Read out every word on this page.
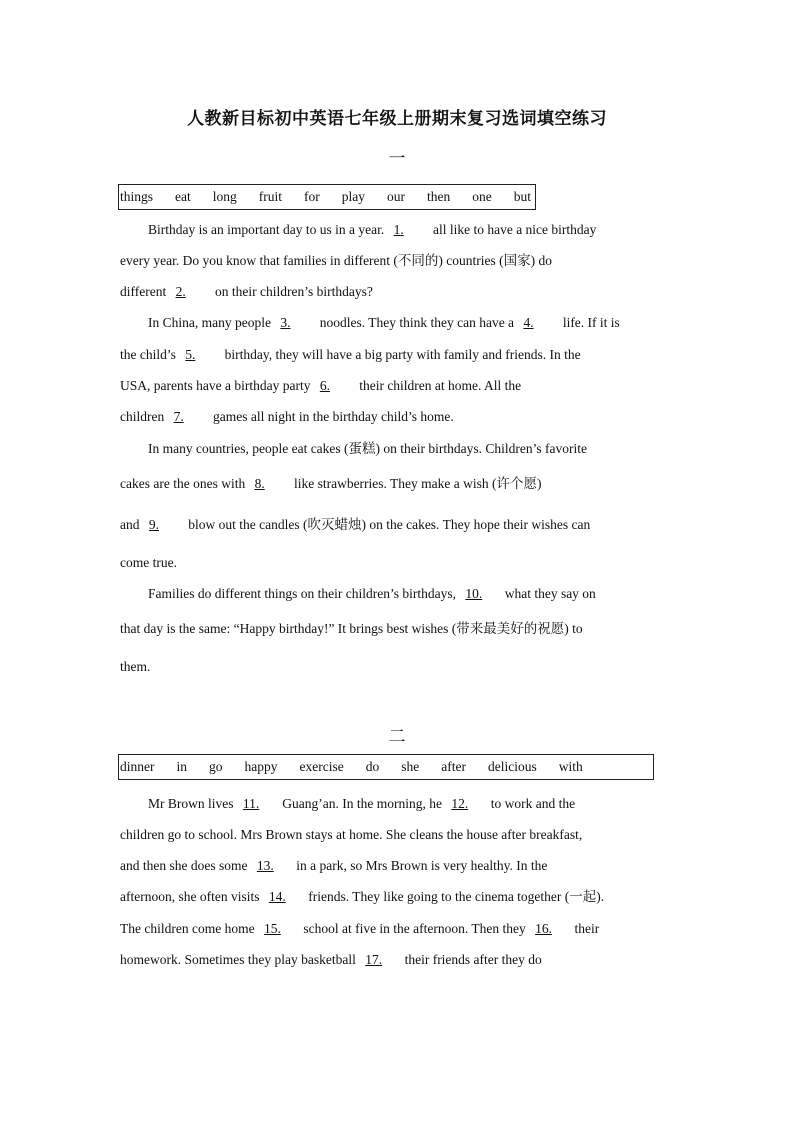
人教新目标初中英语七年级上册期末复习选词填空练习
一
things eat long fruit for play our then one but
Birthday is an important day to us in a year. 1. all like to have a nice birthday
every year. Do you know that families in different (不同的) countries (国家) do
different 2. on their children’s birthdays?
In China, many people 3. noodles. They think they can have a 4. life. If it is
the child’s 5. birthday, they will have a big party with family and friends. In the
USA, parents have a birthday party 6. their children at home. All the
children 7. games all night in the birthday child’s home.
In many countries, people eat cakes (蛋糕) on their birthdays. Children’s favorite
cakes are the ones with 8. like strawberries. They make a wish (许个愿)
and 9. blow out the candles (吹灭蜡烛) on the cakes. They hope their wishes can
come true.
Families do different things on their children’s birthdays, 10. what they say on
that day is the same: “Happy birthday!” It brings best wishes (带来最美好的祝愿) to
them.
二
dinner in go happy exercise do she after delicious with
Mr Brown lives 11. Guang’an. In the morning, he 12. to work and the
children go to school. Mrs Brown stays at home. She cleans the house after breakfast,
and then she does some 13. in a park, so Mrs Brown is very healthy. In the
afternoon, she often visits 14. friends. They like going to the cinema together (一起).
The children come home 15. school at five in the afternoon. Then they 16. their
homework. Sometimes they play basketball 17. their friends after they do
